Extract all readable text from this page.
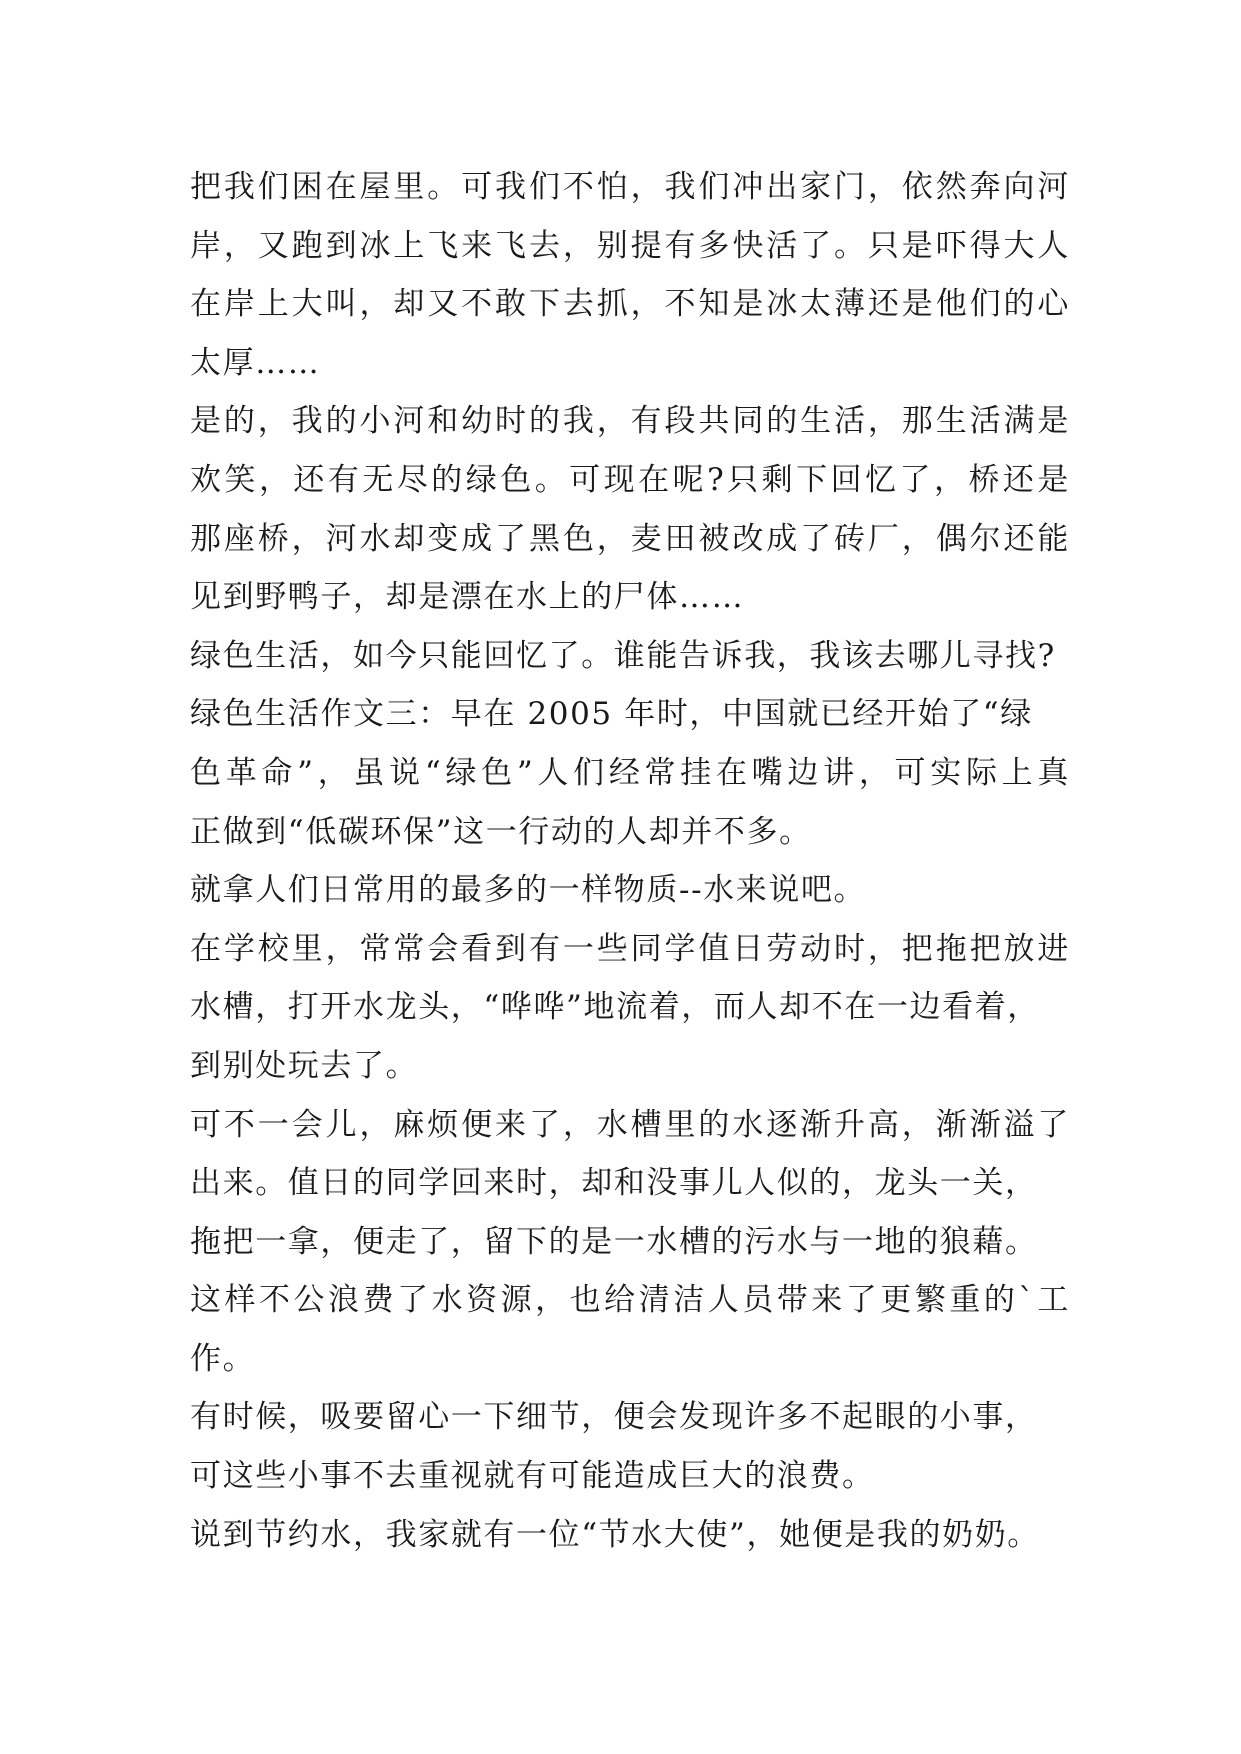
把我们困在屋里。可我们不怕，我们冲出家门，依然奔向河
岸，又跑到冰上飞来飞去，别提有多快活了。只是吓得大人
在岸上大叫，却又不敢下去抓，不知是冰太薄还是他们的心
太厚……
是的，我的小河和幼时的我，有段共同的生活，那生活满是
欢笑，还有无尽的绿色。可现在呢?只剩下回忆了，桥还是
那座桥，河水却变成了黑色，麦田被改成了砖厂，偶尔还能
见到野鸭子，却是漂在水上的尸体……
绿色生活，如今只能回忆了。谁能告诉我，我该去哪儿寻找?
绿色生活作文三：早在 2005 年时，中国就已经开始了“绿
色革命”，虽说“绿色”人们经常挂在嘴边讲，可实际上真
正做到“低碳环保”这一行动的人却并不多。
就拿人们日常用的最多的一样物质--水来说吧。
在学校里，常常会看到有一些同学值日劳动时，把拖把放进
水槽，打开水龙头，“哗哗”地流着，而人却不在一边看着，
到别处玩去了。
可不一会儿，麻烦便来了，水槽里的水逐渐升高，渐渐溢了
出来。值日的同学回来时，却和没事儿人似的，龙头一关，
拖把一拿，便走了，留下的是一水槽的污水与一地的狼藉。
这样不公浪费了水资源，也给清洁人员带来了更繁重的`工
作。
有时候，吸要留心一下细节，便会发现许多不起眼的小事，
可这些小事不去重视就有可能造成巨大的浪费。
说到节约水，我家就有一位“节水大使”，她便是我的奶奶。
